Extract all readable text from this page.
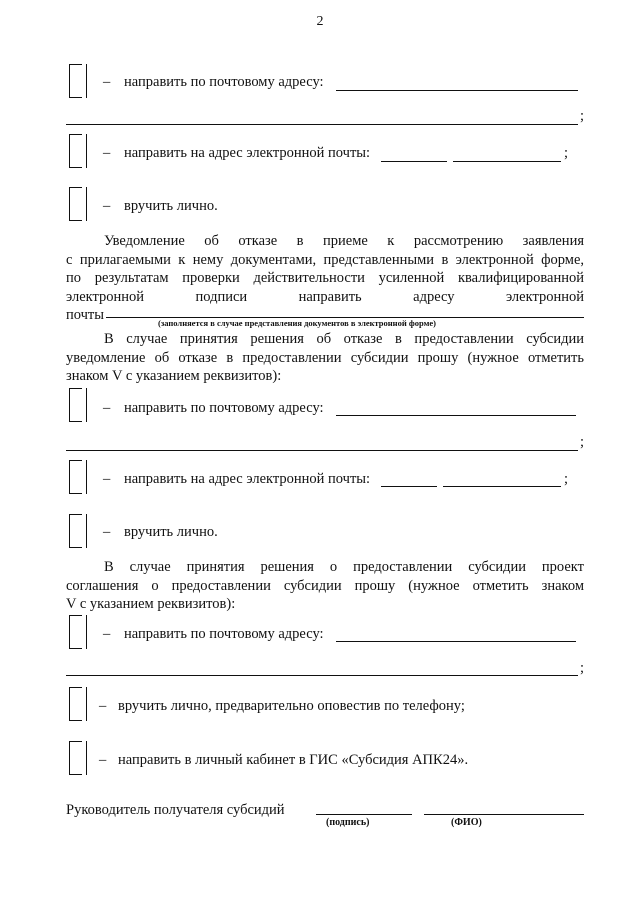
2
– направить по почтовому адресу:
;
– направить на адрес электронной почты:	;
– вручить лично.
Уведомление об отказе в приеме к рассмотрению заявления
с прилагаемыми к нему документами, представленными в электронной форме,
по результатам проверки действительности усиленной квалифицированной
электронной подписи направить адресу электронной
почты	(заполняется в случае представления документов в электронной форме)
В случае принятия решения об отказе в предоставлении субсидии
уведомление об отказе в предоставлении субсидии прошу (нужное отметить
знаком V с указанием реквизитов):
– направить по почтовому адресу:
;
– направить на адрес электронной почты:	;
– вручить лично.
В случае принятия решения о предоставлении субсидии проект
соглашения о предоставлении субсидии прошу (нужное отметить знаком
V с указанием реквизитов):
– направить по почтовому адресу:
;
– вручить лично, предварительно оповестив по телефону;
– направить в личный кабинет в ГИС «Субсидия АПК24».
Руководитель получателя субсидий
(подпись)	(ФИО)
